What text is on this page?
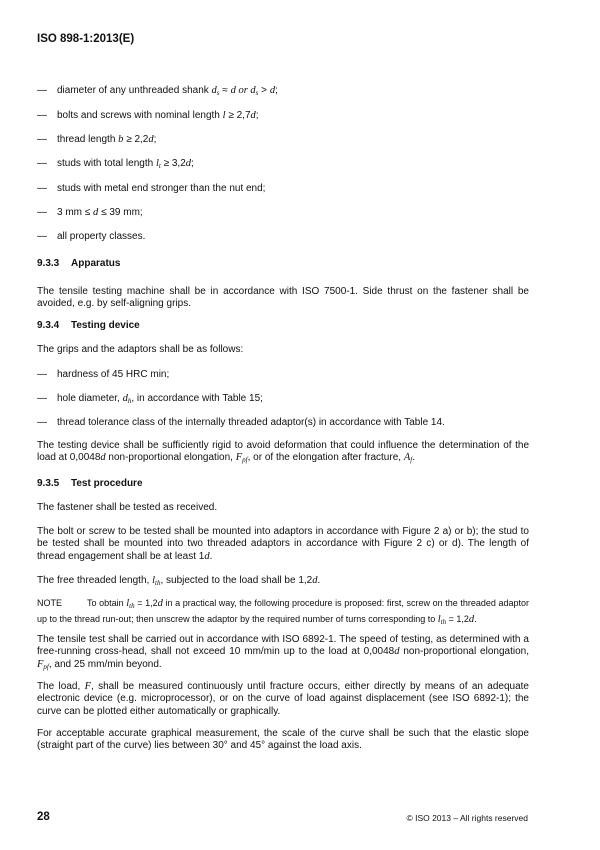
ISO 898-1:2013(E)
— diameter of any unthreaded shank $d_s \approx d$ or $d_s > d$;
— bolts and screws with nominal length l ≥ 2,7d;
— thread length b ≥ 2,2d;
— studs with total length $l_t \ge 3,2d$;
— studs with metal end stronger than the nut end;
— 3 mm ≤ d ≤ 39 mm;
— all property classes.
9.3.3 Apparatus
The tensile testing machine shall be in accordance with ISO 7500-1. Side thrust on the fastener shall be avoided, e.g. by self-aligning grips.
9.3.4 Testing device
The grips and the adaptors shall be as follows:
— hardness of 45 HRC min;
— hole diameter, $d_h$, in accordance with Table 15;
— thread tolerance class of the internally threaded adaptor(s) in accordance with Table 14.
The testing device shall be sufficiently rigid to avoid deformation that could influence the determination of the load at 0,0048d non-proportional elongation, $F_{pf}$, or of the elongation after fracture, $A_f$.
9.3.5 Test procedure
The fastener shall be tested as received.
The bolt or screw to be tested shall be mounted into adaptors in accordance with Figure 2 a) or b); the stud to be tested shall be mounted into two threaded adaptors in accordance with Figure 2 c) or d). The length of thread engagement shall be at least 1d.
The free threaded length, $l_{th}$, subjected to the load shall be 1,2d.
NOTE	To obtain $l_{th} = 1,2d$ in a practical way, the following procedure is proposed: first, screw on the threaded adaptor up to the thread run-out; then unscrew the adaptor by the required number of turns corresponding to $l_{th} = 1,2d$.
The tensile test shall be carried out in accordance with ISO 6892-1. The speed of testing, as determined with a free-running cross-head, shall not exceed 10 mm/min up to the load at 0,0048d non-proportional elongation, $F_{pf}$, and 25 mm/min beyond.
The load, F, shall be measured continuously until fracture occurs, either directly by means of an adequate electronic device (e.g. microprocessor), or on the curve of load against displacement (see ISO 6892-1); the curve can be plotted either automatically or graphically.
For acceptable accurate graphical measurement, the scale of the curve shall be such that the elastic slope (straight part of the curve) lies between 30° and 45° against the load axis.
28	© ISO 2013 – All rights reserved
